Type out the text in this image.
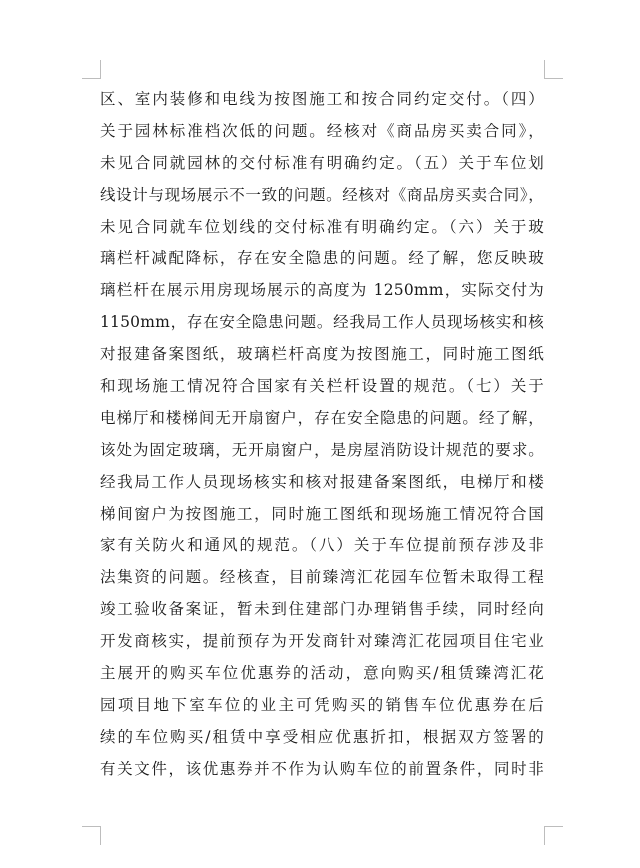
区、室内装修和电线为按图施工和按合同约定交付。（四）
关于园林标准档次低的问题。经核对《商品房买卖合同》，
未见合同就园林的交付标准有明确约定。（五）关于车位划
线设计与现场展示不一致的问题。经核对《商品房买卖合同》，
未见合同就车位划线的交付标准有明确约定。（六）关于玻
璃栏杆减配降标，存在安全隐患的问题。经了解，您反映玻
璃栏杆在展示用房现场展示的高度为 1250mm，实际交付为
1150mm，存在安全隐患问题。经我局工作人员现场核实和核
对报建备案图纸，玻璃栏杆高度为按图施工，同时施工图纸
和现场施工情况符合国家有关栏杆设置的规范。（七）关于
电梯厅和楼梯间无开扇窗户，存在安全隐患的问题。经了解，
该处为固定玻璃，无开扇窗户，是房屋消防设计规范的要求。
经我局工作人员现场核实和核对报建备案图纸，电梯厅和楼
梯间窗户为按图施工，同时施工图纸和现场施工情况符合国
家有关防火和通风的规范。（八）关于车位提前预存涉及非
法集资的问题。经核查，目前臻湾汇花园车位暂未取得工程
竣工验收备案证，暂未到住建部门办理销售手续，同时经向
开发商核实，提前预存为开发商针对臻湾汇花园项目住宅业
主展开的购买车位优惠券的活动，意向购买/租赁臻湾汇花
园项目地下室车位的业主可凭购买的销售车位优惠券在后
续的车位购买/租赁中享受相应优惠折扣，根据双方签署的
有关文件，该优惠券并不作为认购车位的前置条件，同时非
